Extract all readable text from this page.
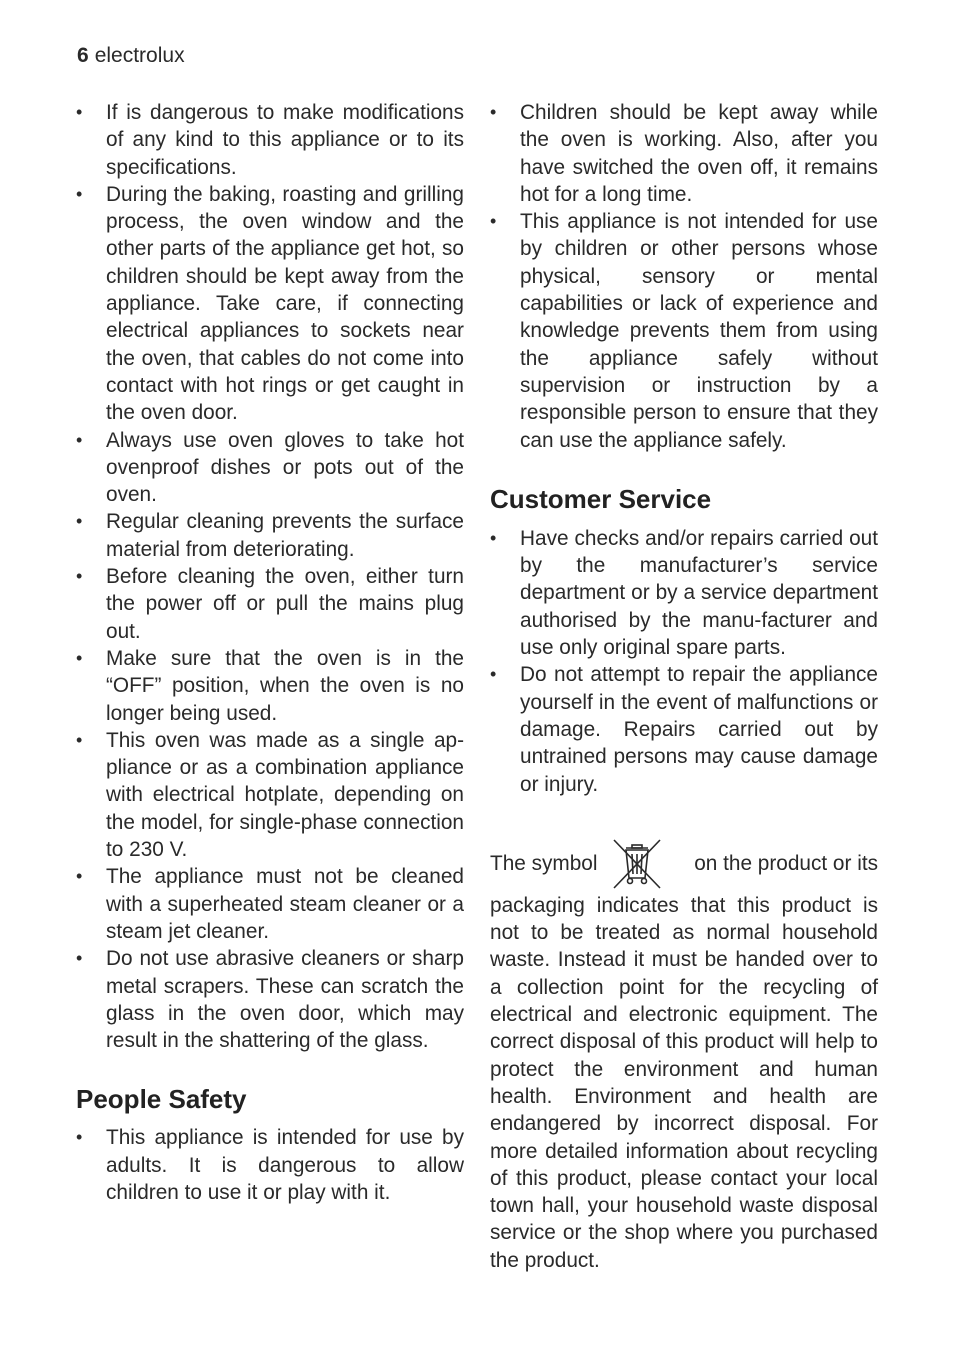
6 electrolux
• If is dangerous to make modifications of any kind to this appliance or to its specifications.
• During the baking, roasting and grilling process, the oven window and the other parts of the appliance get hot, so children should be kept away from the appliance. Take care, if connecting electrical appliances to sockets near the oven, that cables do not come into contact with hot rings or get caught in the oven door.
• Always use oven gloves to take hot ovenproof dishes or pots out of the oven.
• Regular cleaning prevents the surface material from deteriorating.
• Before cleaning the oven, either turn the power off or pull the mains plug out.
• Make sure that the oven is in the “OFF” position, when the oven is no longer being used.
• This oven was made as a single ap-pliance or as a combination appliance with electrical hotplate, depending on the model, for single-phase connection to 230 V.
• The appliance must not be cleaned with a superheated steam cleaner or a steam jet cleaner.
• Do not use abrasive cleaners or sharp metal scrapers. These can scratch the glass in the oven door, which may result in the shattering of the glass.
People Safety
• This appliance is intended for use by adults. It is dangerous to allow children to use it or play with it.
• Children should be kept away while the oven is working. Also, after you have switched the oven off, it remains hot for a long time.
• This appliance is not intended for use by children or other persons whose physical, sensory or mental capabilities or lack of experience and knowledge prevents them from using the appliance safely without supervision or instruction by a responsible person to ensure that they can use the appliance safely.
Customer Service
• Have checks and/or repairs carried out by the manufacturer’s service department or by a service department authorised by the manu-facturer and use only original spare parts.
• Do not attempt to repair the appliance yourself in the event of malfunctions or damage. Repairs carried out by untrained persons may cause damage or injury.
The symbol	on the product or its
packaging indicates that this product is not to be treated as normal household waste. Instead it must be handed over to a collection point for the recycling of electrical and electronic equipment. The correct disposal of this product will help to protect the environment and human health. Environment and health are endangered by incorrect disposal. For more detailed information about recycling of this product, please contact your local town hall, your household waste disposal service or the shop where you purchased the product.
